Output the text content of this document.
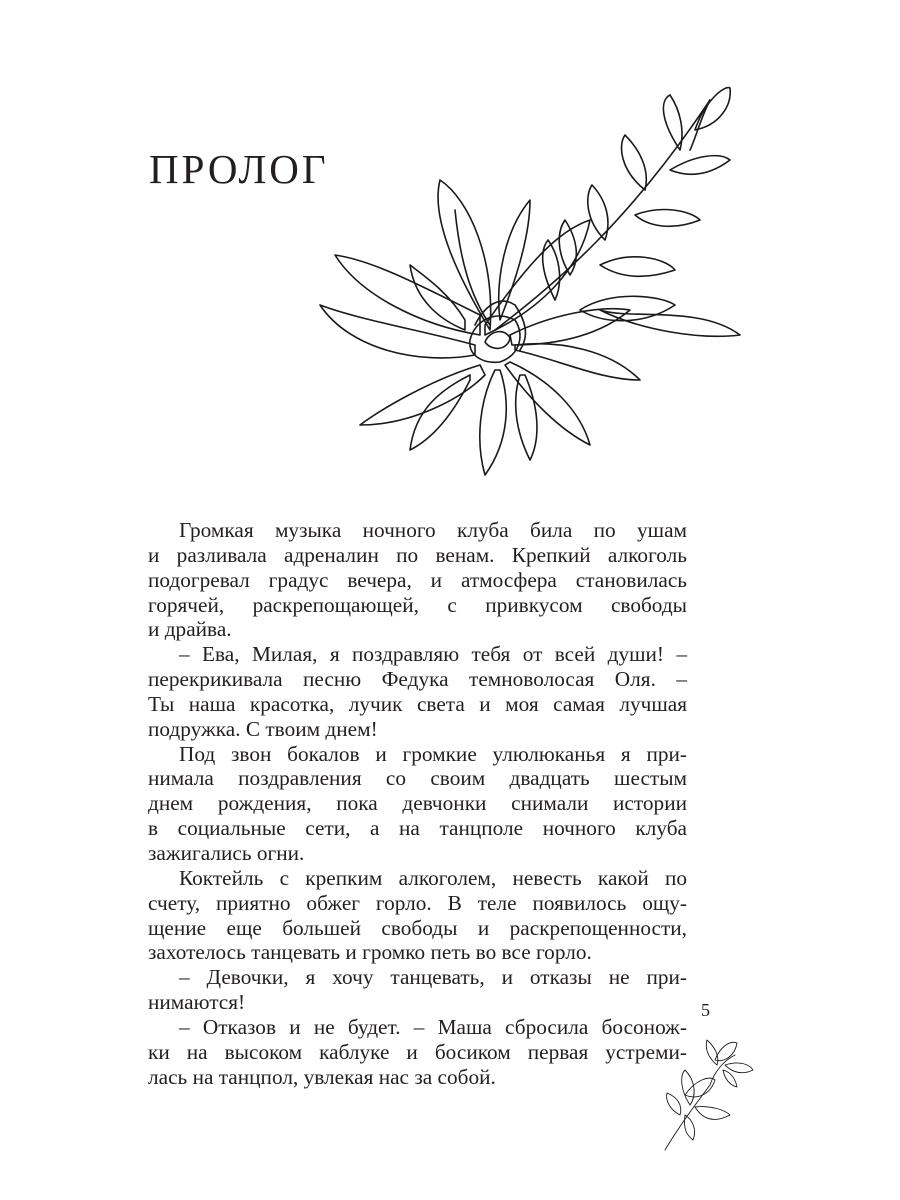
ПРОЛОГ
Громкая музыка ночного клуба била по ушам
и разливала адреналин по венам. Крепкий алкоголь
подогревал градус вечера, и атмосфера становилась
горячей, раскрепощающей, с привкусом свободы
и драйва.
– Ева, Милая, я поздравляю тебя от всей души! –
перекрикивала песню Федука темноволосая Оля. –
Ты наша красотка, лучик света и моя самая лучшая
подружка. С твоим днем!
Под звон бокалов и громкие улюлюканья я при-
нимала поздравления со своим двадцать шестым
днем рождения, пока девчонки снимали истории
в социальные сети, а на танцполе ночного клуба
зажигались огни.
Коктейль с крепким алкоголем, невесть какой по
счету, приятно обжег горло. В теле появилось ощу-
щение еще большей свободы и раскрепощенности,
захотелось танцевать и громко петь во все горло.
– Девочки, я хочу танцевать, и отказы не при-
нимаются!
– Отказов и не будет. – Маша сбросила босонож-
ки на высоком каблуке и босиком первая устреми-
лась на танцпол, увлекая нас за собой.
5
